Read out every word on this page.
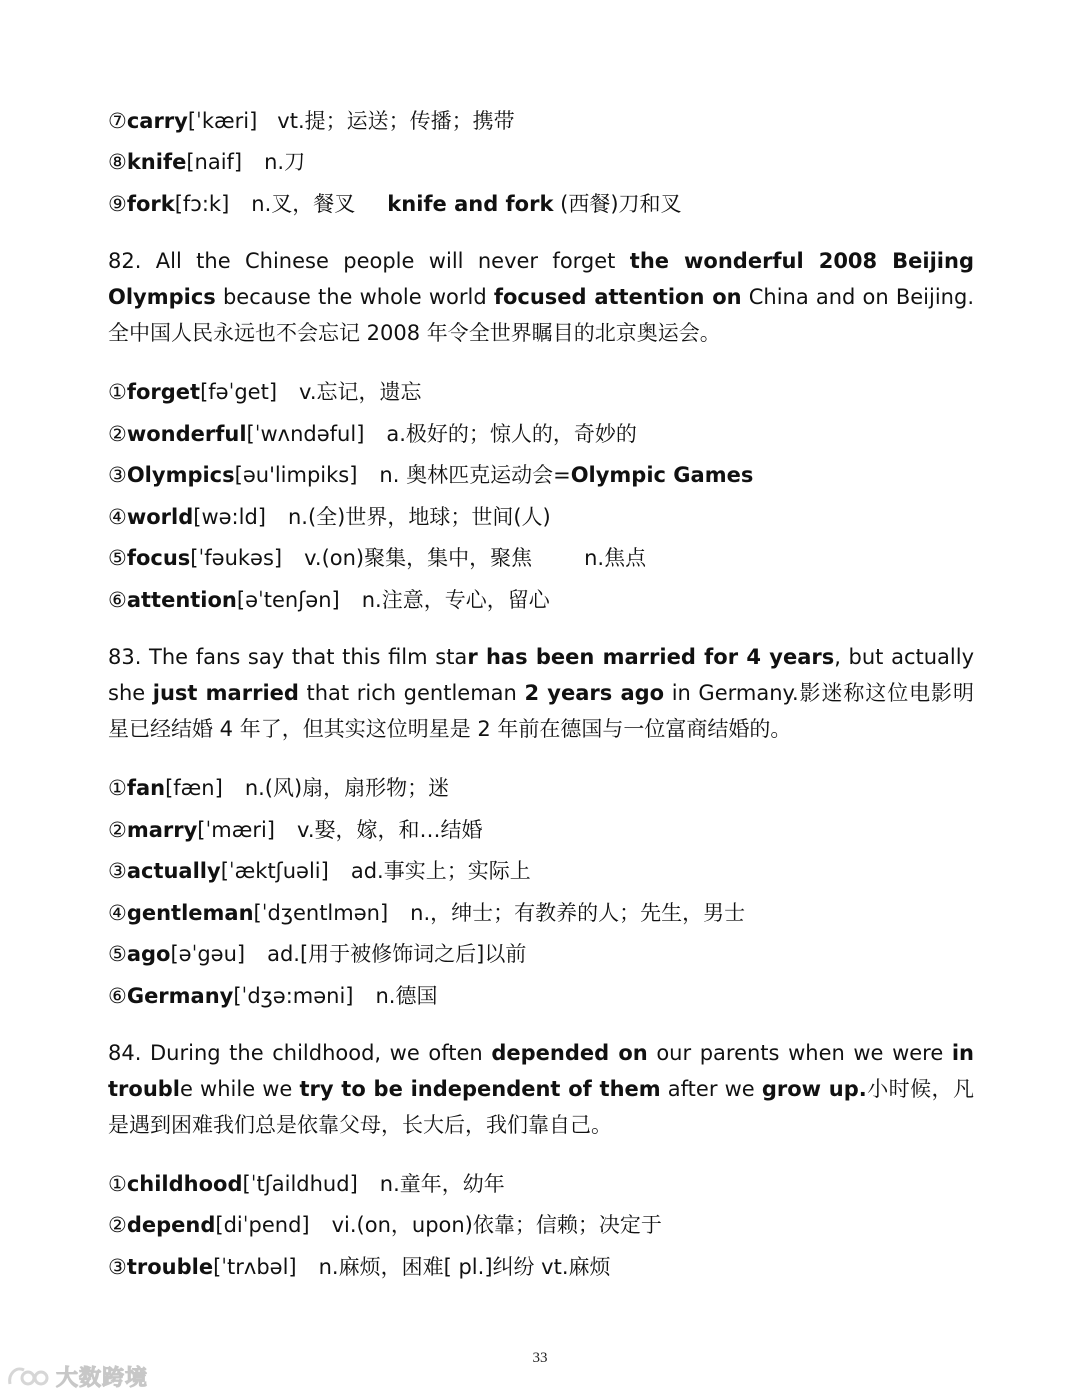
⑦carry[ˈkæri] vt.提；运送；传播；携带
⑧knife[naif] n.刀
⑨fork[fɔ:k] n.叉，餐叉 knife and fork (西餐)刀和叉
82. All the Chinese people will never forget the wonderful 2008 Beijing Olympics because the whole world focused attention on China and on Beijing.全中国人民永远也不会忘记 2008 年令全世界瞩目的北京奥运会。
①forget[fəˈget] v.忘记，遗忘
②wonderful[ˈwʌndəful] a.极好的；惊人的，奇妙的
③Olympics[əu'limpiks] n. 奥林匹克运动会=Olympic Games
④world[wə:ld] n.(全)世界，地球；世间(人)
⑤focus[ˈfəukəs] v.(on)聚集，集中，聚焦 n.焦点
⑥attention[əˈtenʃən] n.注意，专心，留心
83. The fans say that this film star has been married for 4 years, but actually she just married that rich gentleman 2 years ago in Germany.影迷称这位电影明星已经结婚 4 年了，但其实这位明星是 2 年前在德国与一位富商结婚的。
①fan[fæn] n.(风)扇，扇形物；迷
②marry[ˈmæri] v.娶，嫁，和…结婚
③actually[ˈæktʃuəli] ad.事实上；实际上
④gentleman[ˈdʒentlmən] n.，绅士；有教养的人；先生，男士
⑤ago[əˈgəu] ad.[用于被修饰词之后]以前
⑥Germany[ˈdʒə:məni] n.德国
84. During the childhood, we often depended on our parents when we were in trouble while we try to be independent of them after we grow up.小时候，凡是遇到困难我们总是依靠父母，长大后，我们靠自己。
①childhood[ˈtʃaildhud] n.童年，幼年
②depend[diˈpend] vi.(on，upon)依靠；信赖；决定于
③trouble[ˈtrʌbəl] n.麻烦，困难[ pl.]纠纷 vt.麻烦
33
大数跨境
